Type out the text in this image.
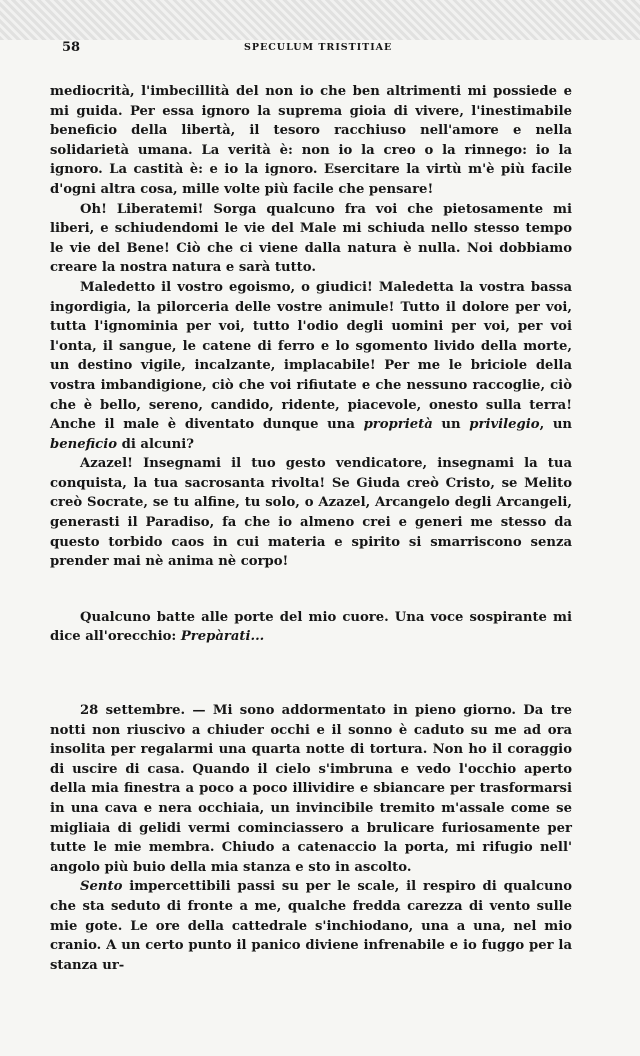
58	SPECULUM TRISTITIAE

mediocrità, l'imbecillità del non io che ben altrimenti mi possiede e mi guida. Per essa ignoro la suprema gioia di vivere, l'inestimabile beneficio della libertà, il tesoro racchiuso nell'amore e nella solidarietà umana. La verità è: non io la creo o la rinnego: io la ignoro. La castità è: e io la ignoro. Esercitare la virtù m'è più facile d'ogni altra cosa, mille volte più facile che pensare!

Oh! Liberatemi! Sorga qualcuno fra voi che pietosamente mi liberi, e schiudendomi le vie del Male mi schiuda nello stesso tempo le vie del Bene! Ciò che ci viene dalla natura è nulla. Noi dobbiamo creare la nostra natura e sarà tutto.

Maledetto il vostro egoismo, o giudici! Maledetta la vostra bassa ingordigia, la pilorceria delle vostre animule! Tutto il dolore per voi, tutta l'ignominia per voi, tutto l'odio degli uomini per voi, per voi l'onta, il sangue, le catene di ferro e lo sgomento livido della morte, un destino vigile, incalzante, implacabile! Per me le briciole della vostra imbandigione, ciò che voi rifiutate e che nessuno raccoglie, ciò che è bello, sereno, candido, ridente, piacevole, onesto sulla terra! Anche il male è diventato dunque una proprietà un privilegio, un beneficio di alcuni?

Azazel! Insegnami il tuo gesto vendicatore, insegnami la tua conquista, la tua sacrosanta rivolta! Se Giuda creò Cristo, se Melito creò Socrate, se tu alfine, tu solo, o Azazel, Arcangelo degli Arcangeli, generasti il Paradiso, fa che io almeno crei e generi me stesso da questo torbido caos in cui materia e spirito si smarriscono senza prender mai nè anima nè corpo!

Qualcuno batte alle porte del mio cuore. Una voce sospirante mi dice all'orecchio: Prepàrati...

28 settembre. — Mi sono addormentato in pieno giorno. Da tre notti non riuscivo a chiuder occhi e il sonno è caduto su me ad ora insolita per regalarmi una quarta notte di tortura. Non ho il coraggio di uscire di casa. Quando il cielo s'imbruna e vedo l'occhio aperto della mia finestra a poco a poco illividire e sbiancare per trasformarsi in una cava e nera occhiaia, un invincibile tremito m'assale come se migliaia di gelidi vermi cominciassero a brulicare furiosamente per tutte le mie membra. Chiudo a catenaccio la porta, mi rifugio nell' angolo più buio della mia stanza e sto in ascolto.

Sento impercettibili passi su per le scale, il respiro di qualcuno che sta seduto di fronte a me, qualche fredda carezza di vento sulle mie gote. Le ore della cattedrale s'inchiodano, una a una, nel mio cranio. A un certo punto il panico diviene infrenabile e io fuggo per la stanza ur-
